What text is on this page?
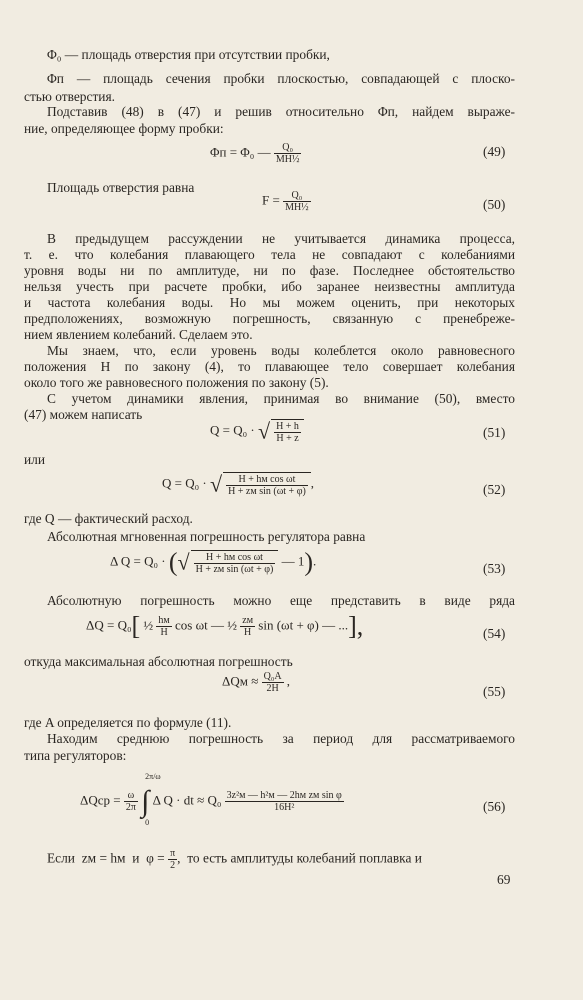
Φ₀ — площадь отверстия при отсутствии пробки,
Φп — площадь сечения пробки плоскостью, совпадающей с плоско-
стью отверстия.
Подставив (48) в (47) и решив относительно Φп, найдем выраже-
ние, определяющее форму пробки:
Φп = Φ₀ — $\frac{\text{Q₀}}{\text{MH½}}$	(49)
Площадь отверстия равна
$F = \frac{\text{Q₀}}{\text{MH½}}$	(50)
В предыдущем рассуждении не учитывается динамика процесса,
т. е. что колебания плавающего тела не совпадают с колебаниями
уровня воды ни по амплитуде, ни по фазе. Последнее обстоятельство
нельзя учесть при расчете пробки, ибо заранее неизвестны амплитуда
и частота колебания воды. Но мы можем оценить, при некоторых
предположениях, возможную погрешность, связанную с пренебреже-
нием явлением колебаний. Сделаем это.
Мы знаем, что, если уровень воды колеблется около равновесного
положения H по закону (4), то плавающее тело совершает колебания
около того же равновесного положения по закону (5).
С учетом динамики явления, принимая во внимание (50), вместо
(47) можем написать
Q = Q₀ · √ $\frac{H + h}{H + z}$	(51)
или
Q = Q₀ · √ $\frac{\text{H + hм cos ωt}}{\text{H + zм sin (ωt + φ)}}$ ,	(52)
где Q — фактический расход.
Абсолютная мгновенная погрешность регулятора равна
Δ Q = Q₀ · (√ $\frac{\text{H + hм cos ωt}}{\text{H + zм sin (ωt + φ)}}$ — 1).
(53)
Абсолютную погрешность можно еще представить в виде ряда
ΔQ = Q₀[ ½ $\frac{hм}{H}$ cos ωt — ½ $\frac{zм}{H}$ sin (ωt + φ) — ...],	(54)
откуда максимальная абсолютная погрешность
$\Delta Qм \approx \frac{\text{Q₀A}}{2H}$ ,
(55)
где A определяется по формуле (11).
Находим среднюю погрешность за период для рассматриваемого
типа регуляторов:
$\Delta Qср = \frac{\omega}{2\pi}$ ∫
2π/ω
0
Δ Q · dt ≈ $Q_0 \frac{\text{3z²м — h²м — 2hм zм sin φ}}{\text{16H²}}$	(56)
Если zм = hм и $\varphi = \frac{\pi}{2}$ , то есть амплитуды колебаний поплавка и
69
